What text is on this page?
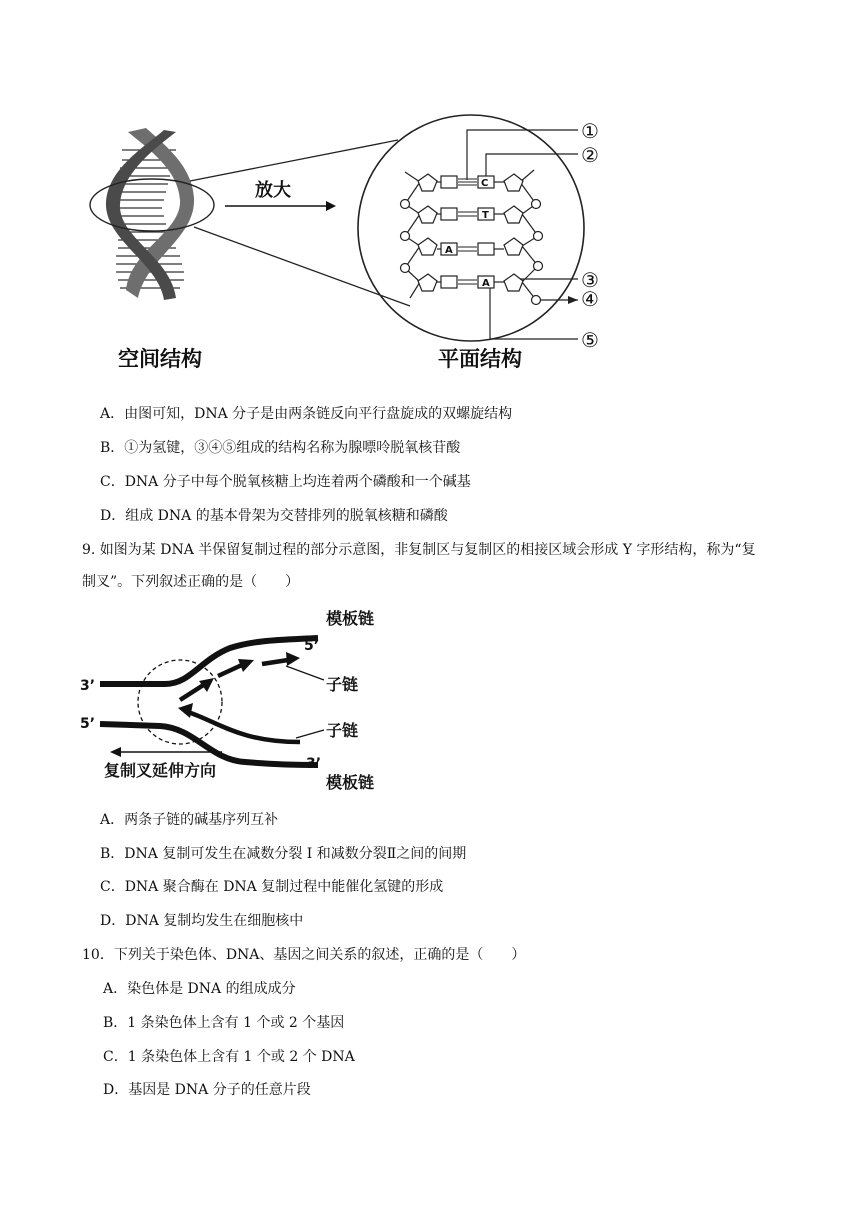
放大	C
T
A
A
①
②
③
④
⑤
空间结构	平面结构
A．由图可知，DNA 分子是由两条链反向平行盘旋成的双螺旋结构
B．①为氢键，③④⑤组成的结构名称为腺嘌呤脱氧核苷酸
C．DNA 分子中每个脱氧核糖上均连着两个磷酸和一个碱基
D．组成 DNA 的基本骨架为交替排列的脱氧核糖和磷酸
9. 如图为某 DNA 半保留复制过程的部分示意图，非复制区与复制区的相接区域会形成 Y 字形结构，称为“复
制叉”。下列叙述正确的是（　　）
模板链
5’
子链
子链
3’
模板链
3’
5’
复制叉延伸方向
A．两条子链的碱基序列互补
B．DNA 复制可发生在减数分裂 I 和减数分裂Ⅱ之间的间期
C．DNA 聚合酶在 DNA 复制过程中能催化氢键的形成
D．DNA 复制均发生在细胞核中
10．下列关于染色体、DNA、基因之间关系的叙述，正确的是（　　）
A．染色体是 DNA 的组成成分
B．1 条染色体上含有 1 个或 2 个基因
C．1 条染色体上含有 1 个或 2 个 DNA
D．基因是 DNA 分子的任意片段
